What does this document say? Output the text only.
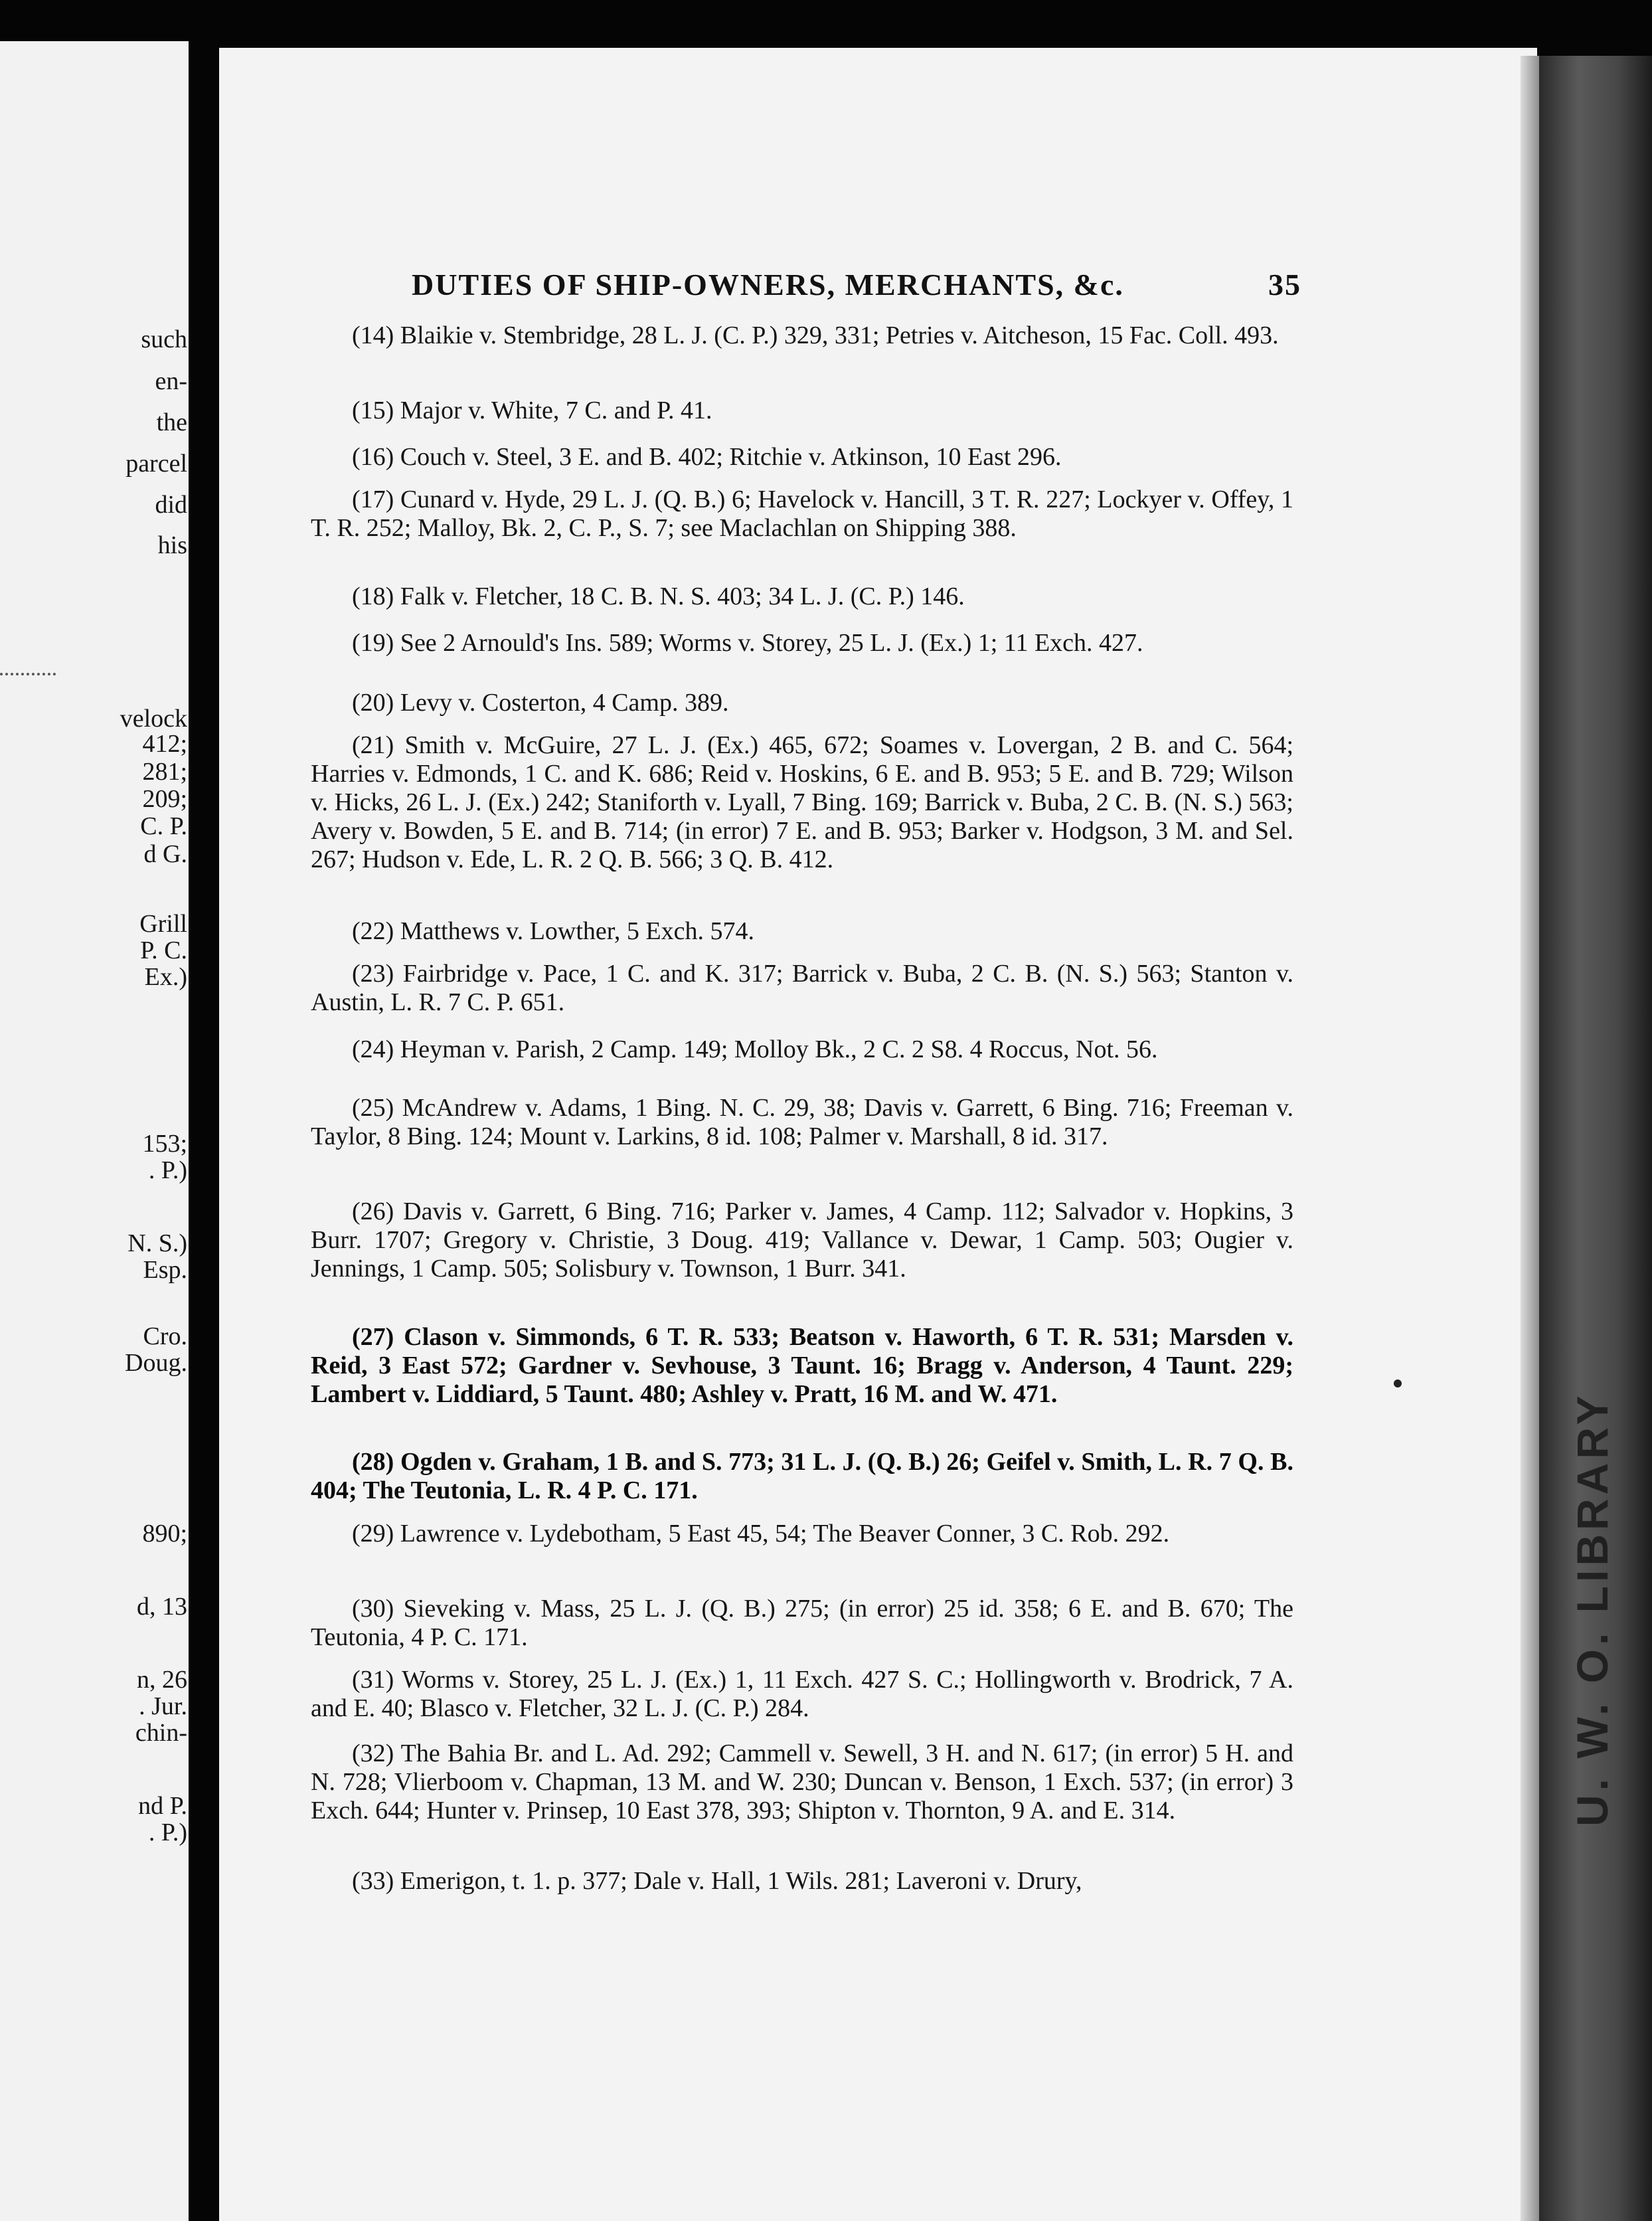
such
en-
the
parcel
did
his
velock
412;
281;
209;
C. P.
d G.
Grill
P. C.
Ex.)
153;
. P.)
N. S.)
Esp.
Cro.
Doug.
890;
d, 13
n, 26
. Jur.
chin-
nd P.
. P.)
U. W. O. LIBRARY
DUTIES OF SHIP-OWNERS, MERCHANTS, &c.	35

(14) Blaikie v. Stembridge, 28 L. J. (C. P.) 329, 331; Petries v. Aitcheson, 15 Fac. Coll. 493.

(15) Major v. White, 7 C. and P. 41.

(16) Couch v. Steel, 3 E. and B. 402; Ritchie v. Atkinson, 10 East 296.

(17) Cunard v. Hyde, 29 L. J. (Q. B.) 6; Havelock v. Hancill, 3 T. R. 227; Lockyer v. Offey, 1 T. R. 252; Malloy, Bk. 2, C. P., S. 7; see Maclachlan on Shipping 388.

(18) Falk v. Fletcher, 18 C. B. N. S. 403; 34 L. J. (C. P.) 146.

(19) See 2 Arnould's Ins. 589; Worms v. Storey, 25 L. J. (Ex.) 1; 11 Exch. 427.

(20) Levy v. Costerton, 4 Camp. 389.

(21) Smith v. McGuire, 27 L. J. (Ex.) 465, 672; Soames v. Lovergan, 2 B. and C. 564; Harries v. Edmonds, 1 C. and K. 686; Reid v. Hoskins, 6 E. and B. 953; 5 E. and B. 729; Wilson v. Hicks, 26 L. J. (Ex.) 242; Staniforth v. Lyall, 7 Bing. 169; Barrick v. Buba, 2 C. B. (N. S.) 563; Avery v. Bowden, 5 E. and B. 714; (in error) 7 E. and B. 953; Barker v. Hodgson, 3 M. and Sel. 267; Hudson v. Ede, L. R. 2 Q. B. 566; 3 Q. B. 412.

(22) Matthews v. Lowther, 5 Exch. 574.

(23) Fairbridge v. Pace, 1 C. and K. 317; Barrick v. Buba, 2 C. B. (N. S.) 563; Stanton v. Austin, L. R. 7 C. P. 651.

(24) Heyman v. Parish, 2 Camp. 149; Molloy Bk., 2 C. 2 S8. 4 Roccus, Not. 56.

(25) McAndrew v. Adams, 1 Bing. N. C. 29, 38; Davis v. Garrett, 6 Bing. 716; Freeman v. Taylor, 8 Bing. 124; Mount v. Larkins, 8 id. 108; Palmer v. Marshall, 8 id. 317.

(26) Davis v. Garrett, 6 Bing. 716; Parker v. James, 4 Camp. 112; Salvador v. Hopkins, 3 Burr. 1707; Gregory v. Christie, 3 Doug. 419; Vallance v. Dewar, 1 Camp. 503; Ougier v. Jennings, 1 Camp. 505; Solisbury v. Townson, 1 Burr. 341.

(27) Clason v. Simmonds, 6 T. R. 533; Beatson v. Haworth, 6 T. R. 531; Marsden v. Reid, 3 East 572; Gardner v. Sevhouse, 3 Taunt. 16; Bragg v. Anderson, 4 Taunt. 229; Lambert v. Liddiard, 5 Taunt. 480; Ashley v. Pratt, 16 M. and W. 471.

(28) Ogden v. Graham, 1 B. and S. 773; 31 L. J. (Q. B.) 26; Geifel v. Smith, L. R. 7 Q. B. 404; The Teutonia, L. R. 4 P. C. 171.

(29) Lawrence v. Lydebotham, 5 East 45, 54; The Beaver Conner, 3 C. Rob. 292.

(30) Sieveking v. Mass, 25 L. J. (Q. B.) 275; (in error) 25 id. 358; 6 E. and B. 670; The Teutonia, 4 P. C. 171.

(31) Worms v. Storey, 25 L. J. (Ex.) 1, 11 Exch. 427 S. C.; Hollingworth v. Brodrick, 7 A. and E. 40; Blasco v. Fletcher, 32 L. J. (C. P.) 284.

(32) The Bahia Br. and L. Ad. 292; Cammell v. Sewell, 3 H. and N. 617; (in error) 5 H. and N. 728; Vlierboom v. Chapman, 13 M. and W. 230; Duncan v. Benson, 1 Exch. 537; (in error) 3 Exch. 644; Hunter v. Prinsep, 10 East 378, 393; Shipton v. Thornton, 9 A. and E. 314.

(33) Emerigon, t. 1. p. 377; Dale v. Hall, 1 Wils. 281; Laveroni v. Drury,
